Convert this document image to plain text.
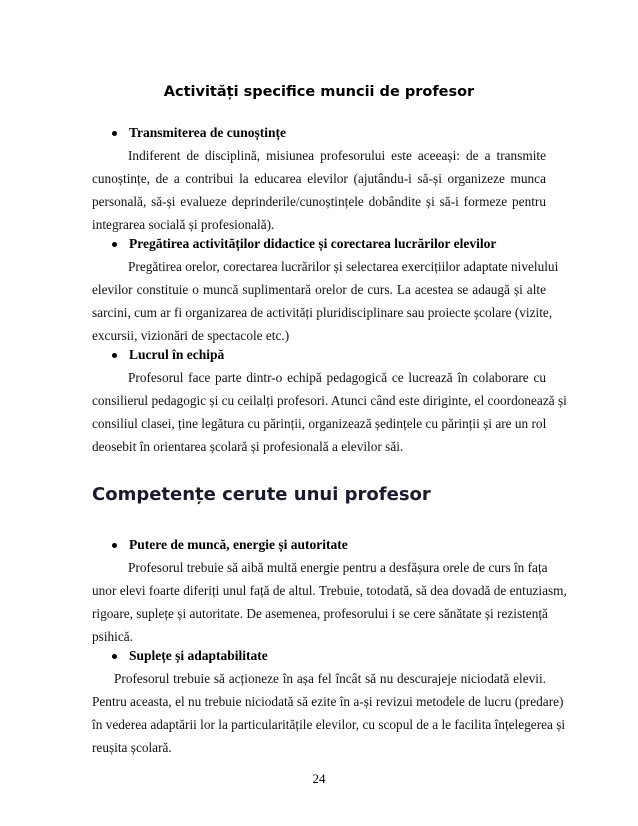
Activități specifice muncii de profesor
Transmiterea de cunoștințe
Indiferent de disciplină, misiunea profesorului este aceeași: de a transmite
cunoștințe, de a contribui la educarea elevilor (ajutându-i să-și organizeze munca
personală, să-și evalueze deprinderile/cunoștințele dobândite și să-i formeze pentru
integrarea socială și profesională).
Pregătirea activităților didactice și corectarea lucrărilor elevilor
Pregătirea orelor, corectarea lucrărilor și selectarea exercițiilor adaptate nivelului
elevilor constituie o muncă suplimentară orelor de curs. La acestea se adaugă și alte
sarcini, cum ar fi organizarea de activități pluridisciplinare sau proiecte școlare (vizite,
excursii, vizionări de spectacole etc.)
Lucrul în echipă
Profesorul face parte dintr-o echipă pedagogică ce lucrează în colaborare cu
consilierul pedagogic și cu ceilalți profesori. Atunci când este diriginte, el coordonează și
consiliul clasei, ține legătura cu părinții, organizează ședințele cu părinții și are un rol
deosebit în orientarea școlară și profesională a elevilor săi.
Competențe cerute unui profesor
Putere de muncă, energie și autoritate
Profesorul trebuie să aibă multă energie pentru a desfășura orele de curs în fața
unor elevi foarte diferiți unul față de altul. Trebuie, totodată, să dea dovadă de entuziasm,
rigoare, suplețe și autoritate. De asemenea, profesorului i se cere sănătate și rezistență
psihică.
Suplețe și adaptabilitate
Profesorul trebuie să acționeze în așa fel încât să nu descurajeje niciodată elevii.
Pentru aceasta, el nu trebuie niciodată să ezite în a-și revizui metodele de lucru (predare)
în vederea adaptării lor la particularitățile elevilor, cu scopul de a le facilita înțelegerea și
reușita școlară.
24
